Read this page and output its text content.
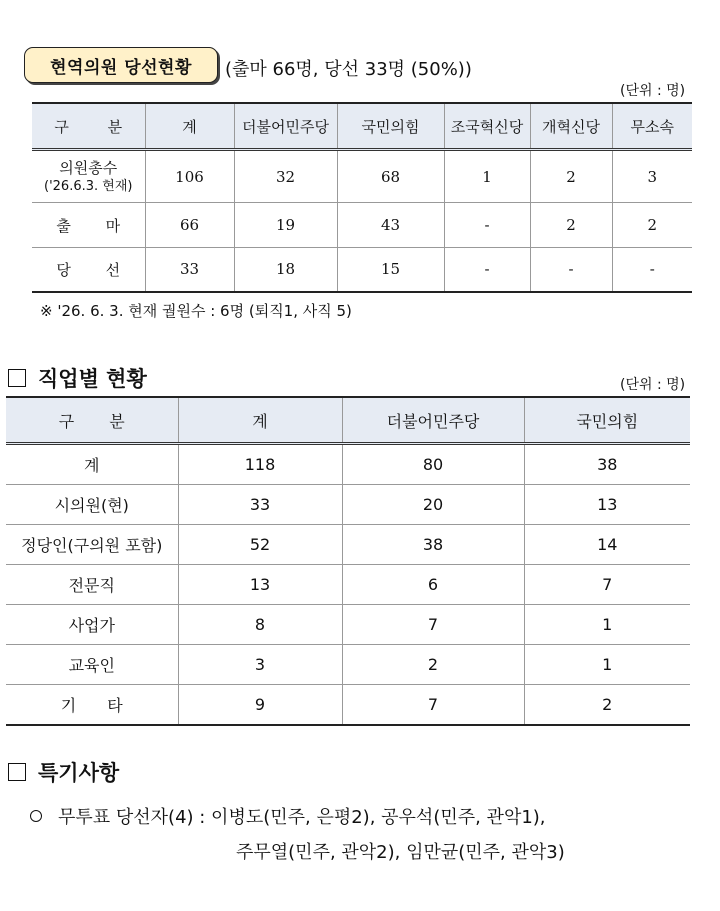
현역의원 당선현황 (출마 66명, 당선 33명 (50%))
(단위 : 명)
구 분	계	더불어민주당	국민의힘	조국혁신당	개혁신당	무소속

의원총수
('26.6.3. 현재)	106	32	68	1	2	3
출 마	66	19	43	-	2	2
당 선	33	18	15	-	-	-
※ '26. 6. 3. 현재 궐원수 : 6명 (퇴직1, 사직 5)
직업별 현황	(단위 : 명)
구 분	계	더불어민주당	국민의힘
계	118	80	38
시의원(현)	33	20	13
정당인(구의원 포함)	52	38	14
전문직	13	6	7
사업가	8	7	1
교육인	3	2	1
기 타	9	7	2
특기사항
무투표 당선자(4) : 이병도(민주, 은평2), 공우석(민주, 관악1),
주무열(민주, 관악2), 임만균(민주, 관악3)
